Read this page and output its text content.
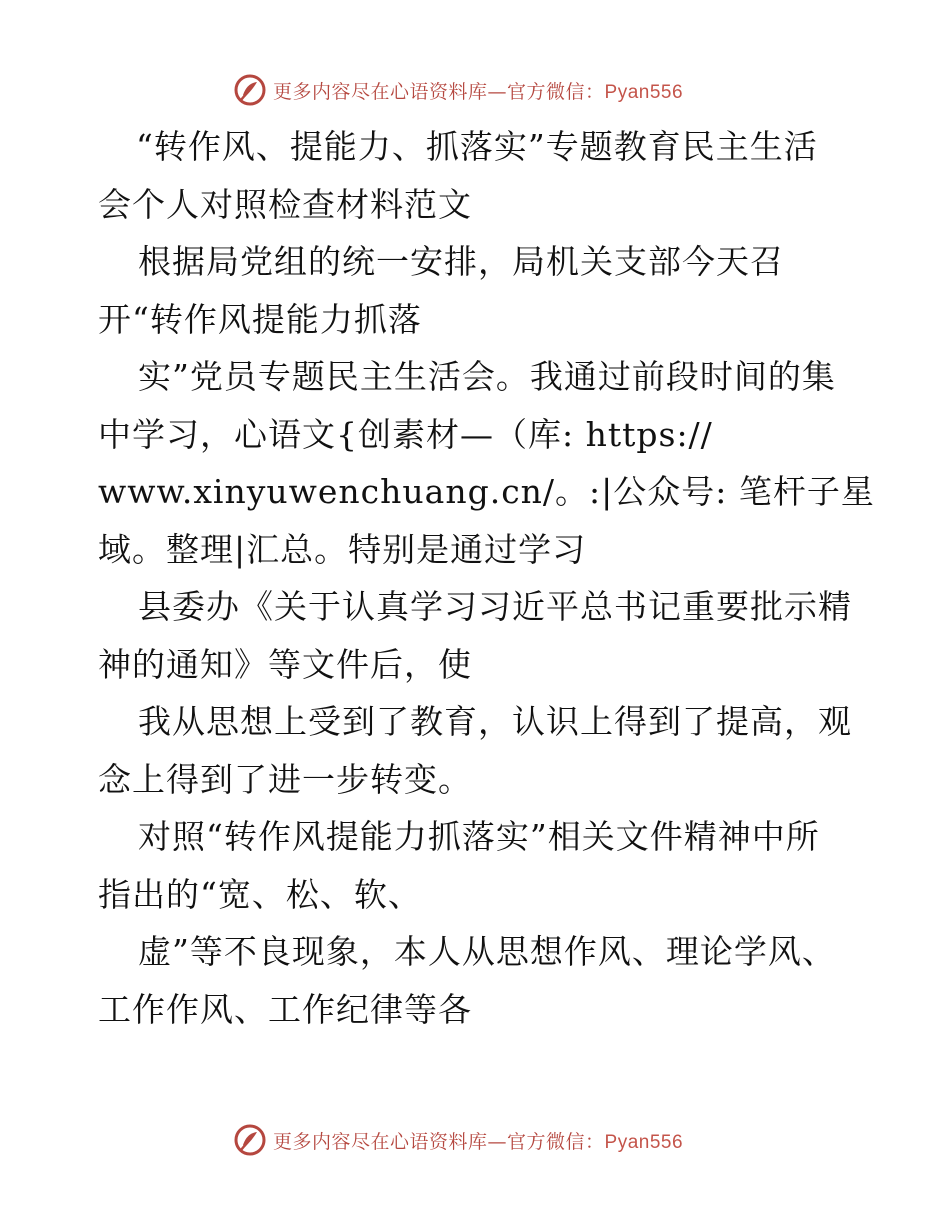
更多内容尽在心语资料库—官方微信：Pyan556
“转作风、提能力、抓落实”专题教育民主生活
会个人对照检查材料范文
根据局党组的统一安排，局机关支部今天召
开“转作风提能力抓落
实”党员专题民主生活会。我通过前段时间的集
中学习，心语文{创素材—（库: https://
www.xinyuwenchuang.cn/。:|公众号: 笔杆子星
域。整理|汇总。特别是通过学习
县委办《关于认真学习习近平总书记重要批示精
神的通知》等文件后，使
我从思想上受到了教育，认识上得到了提高，观
念上得到了进一步转变。
对照“转作风提能力抓落实”相关文件精神中所
指出的“宽、松、软、
虚”等不良现象，本人从思想作风、理论学风、
工作作风、工作纪律等各
更多内容尽在心语资料库—官方微信：Pyan556
